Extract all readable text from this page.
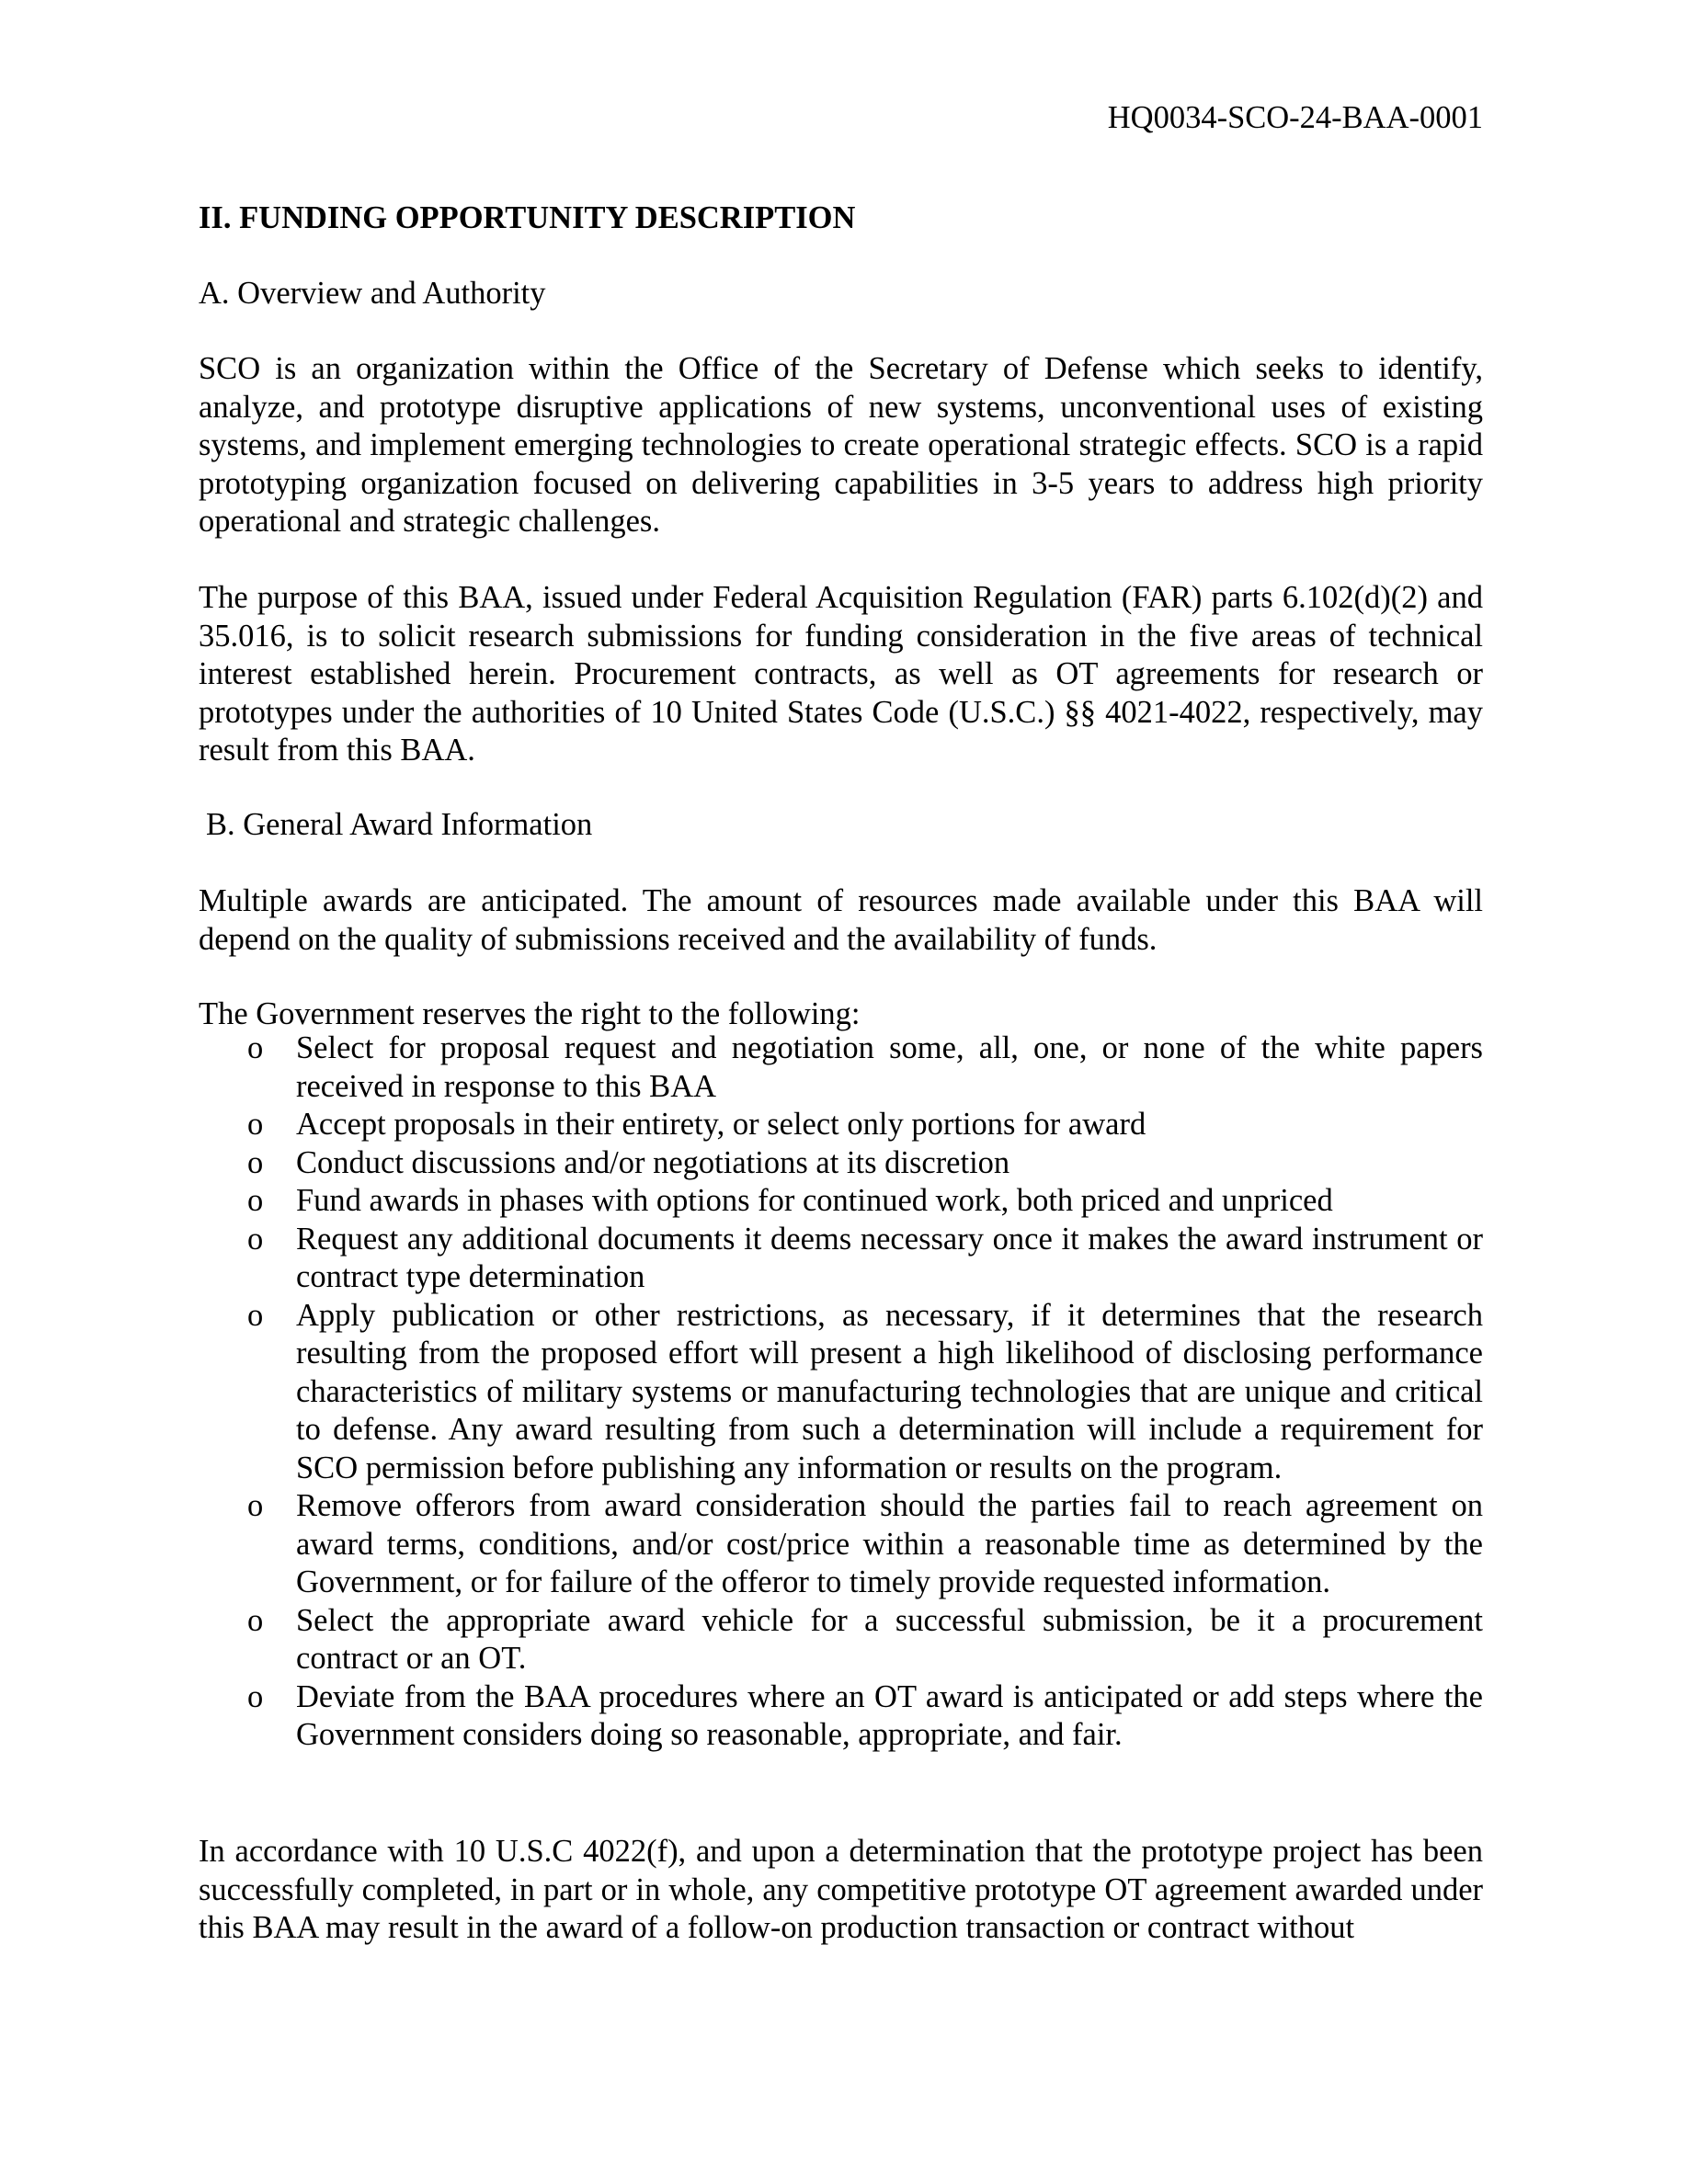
HQ0034-SCO-24-BAA-0001
II. FUNDING OPPORTUNITY DESCRIPTION
A. Overview and Authority
SCO is an organization within the Office of the Secretary of Defense which seeks to identify, analyze, and prototype disruptive applications of new systems, unconventional uses of existing systems, and implement emerging technologies to create operational strategic effects. SCO is a rapid prototyping organization focused on delivering capabilities in 3-5 years to address high priority operational and strategic challenges.
The purpose of this BAA, issued under Federal Acquisition Regulation (FAR) parts 6.102(d)(2) and 35.016, is to solicit research submissions for funding consideration in the five areas of technical interest established herein. Procurement contracts, as well as OT agreements for research or prototypes under the authorities of 10 United States Code (U.S.C.) §§ 4021-4022, respectively, may result from this BAA.
B. General Award Information
Multiple awards are anticipated. The amount of resources made available under this BAA will depend on the quality of submissions received and the availability of funds.
The Government reserves the right to the following:
o Select for proposal request and negotiation some, all, one, or none of the white papers received in response to this BAA
o Accept proposals in their entirety, or select only portions for award
o Conduct discussions and/or negotiations at its discretion
o Fund awards in phases with options for continued work, both priced and unpriced
o Request any additional documents it deems necessary once it makes the award instrument or contract type determination
o Apply publication or other restrictions, as necessary, if it determines that the research resulting from the proposed effort will present a high likelihood of disclosing performance characteristics of military systems or manufacturing technologies that are unique and critical to defense. Any award resulting from such a determination will include a requirement for SCO permission before publishing any information or results on the program.
o Remove offerors from award consideration should the parties fail to reach agreement on award terms, conditions, and/or cost/price within a reasonable time as determined by the Government, or for failure of the offeror to timely provide requested information.
o Select the appropriate award vehicle for a successful submission, be it a procurement contract or an OT.
o Deviate from the BAA procedures where an OT award is anticipated or add steps where the Government considers doing so reasonable, appropriate, and fair.
In accordance with 10 U.S.C 4022(f), and upon a determination that the prototype project has been successfully completed, in part or in whole, any competitive prototype OT agreement awarded under this BAA may result in the award of a follow-on production transaction or contract without
